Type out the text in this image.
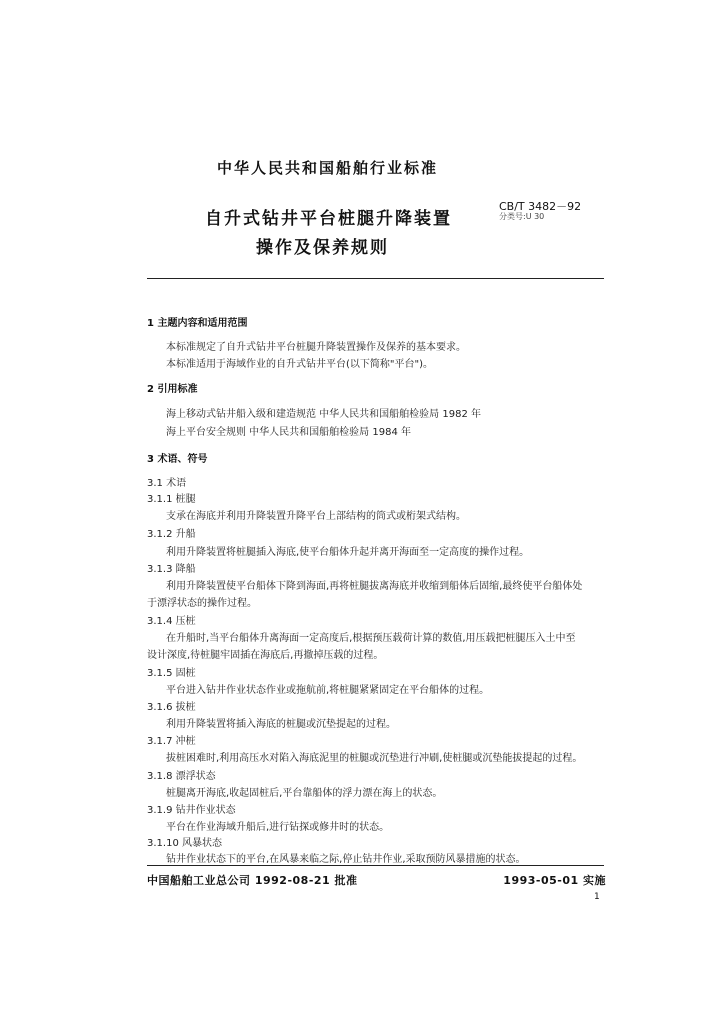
中华人民共和国船舶行业标准
自升式钻井平台桩腿升降装置
操作及保养规则
CB/T 3482－92
分类号:U 30
1 主题内容和适用范围
本标准规定了自升式钻井平台桩腿升降装置操作及保养的基本要求。
本标准适用于海域作业的自升式钻井平台(以下简称"平台")。
2 引用标准
海上移动式钻井船入级和建造规范 中华人民共和国船舶检验局 1982 年
海上平台安全规则 中华人民共和国船舶检验局 1984 年
3 术语、符号
3.1 术语
3.1.1 桩腿
支承在海底并利用升降装置升降平台上部结构的筒式或桁架式结构。
3.1.2 升船
利用升降装置将桩腿插入海底,使平台船体升起并离开海面至一定高度的操作过程。
3.1.3 降船
利用升降装置使平台船体下降到海面,再将桩腿拔离海底并收缩到船体后固缩,最终使平台船体处
于漂浮状态的操作过程。
3.1.4 压桩
在升船时,当平台船体升离海面一定高度后,根据预压载荷计算的数值,用压载把桩腿压入土中至
设计深度,待桩腿牢固插在海底后,再撤掉压载的过程。
3.1.5 固桩
平台进入钻井作业状态作业或拖航前,将桩腿紧紧固定在平台船体的过程。
3.1.6 拔桩
利用升降装置将插入海底的桩腿或沉垫提起的过程。
3.1.7 冲桩
拔桩困难时,利用高压水对陷入海底泥里的桩腿或沉垫进行冲刷,使桩腿或沉垫能拔提起的过程。
3.1.8 漂浮状态
桩腿离开海底,收起固桩后,平台靠船体的浮力漂在海上的状态。
3.1.9 钻井作业状态
平台在作业海域升船后,进行钻探或修井时的状态。
3.1.10 风暴状态
钻井作业状态下的平台,在风暴来临之际,停止钻井作业,采取预防风暴措施的状态。
中国船舶工业总公司 1992-08-21 批准	1993-05-01 实施
1
